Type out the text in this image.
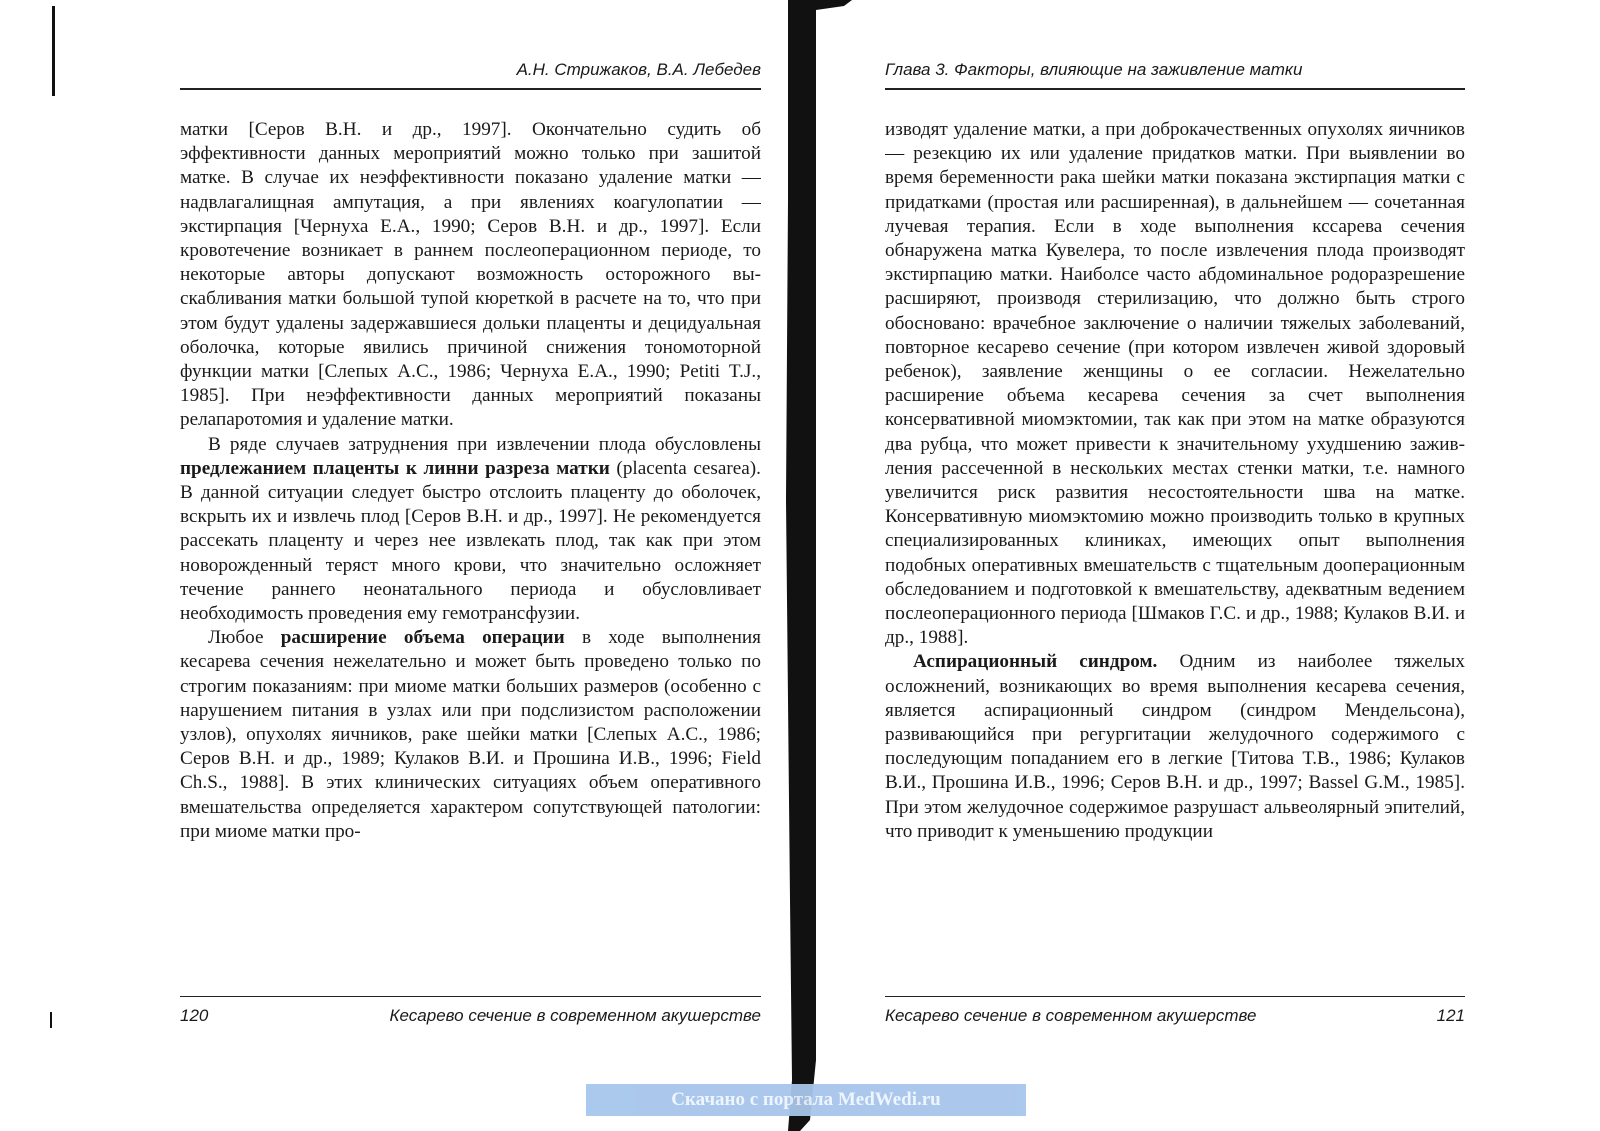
А.Н. Стрижаков, В.А. Лебедев

матки [Серов В.Н. и др., 1997]. Окончательно судить об эффективности данных мероприятий можно только при зашитой матке. В случае их неэффективности показано удаление матки — надвлагалищная ампутация, а при явлениях коагулопатии — экстирпация [Чернуха Е.А., 1990; Серов В.Н. и др., 1997]. Если кровотечение возникает в раннем послеоперационном периоде, то некоторые авторы допускают возможность осторожного выскабливания матки большой тупой кюреткой в расчете на то, что при этом будут удалены задержавшиеся дольки плаценты и децидуальная оболочка, которые явились причиной снижения тономоторной функции матки [Слепых А.С., 1986; Чернуха Е.А., 1990; Petiti T.J., 1985]. При неэффективности данных мероприятий показаны релапаротомия и удаление матки.

В ряде случаев затруднения при извлечении плода обусловлены предлежанием плаценты к линни разреза матки (placenta cesarea). В данной ситуации следует быстро отслоить плаценту до оболочек, вскрыть их и извлечь плод [Серов В.Н. и др., 1997]. Не рекомендуется рассекать плаценту и через нее извлекать плод, так как при этом новорожденный теряст много крови, что значительно осложняет течение раннего неонатального периода и обусловливает необходимость проведения ему гемотрансфузии.

Любое расширение объема операции в ходе выполнения кесарева сечения нежелательно и может быть проведено только по строгим показаниям: при миоме матки больших размеров (особенно с нарушением питания в узлах или при подслизистом расположении узлов), опухолях яичников, раке шейки матки [Слепых А.С., 1986; Серов В.Н. и др., 1989; Кулаков В.И. и Прошина И.В., 1996; Field Ch.S., 1988]. В этих клинических ситуациях объем оперативного вмешательства определяется характером сопутствующей патологии: при миоме матки про-

120	Кесарево сечение в современном акушерстве
Глава 3. Факторы, влияющие на заживление матки

изводят удаление матки, а при доброкачественных опухолях яичников — резекцию их или удаление придатков матки. При выявлении во время беременности рака шейки матки показана экстирпация матки с придатками (простая или расширенная), в дальнейшем — сочетанная лучевая терапия. Если в ходе выполнения кссарева сечения обнаружена матка Кувелера, то после извлечения плода производят экстирпацию матки. Наиболсе часто абдоминальное родоразрешение расширяют, производя стерилизацию, что должно быть строго обосновано: врачебное заключение о наличии тяжелых заболеваний, повторное кесарево сечение (при котором извлечен живой здоровый ребенок), заявление женщины о ее согласии. Нежелательно расширение объема кесарева сечения за счет выполнения консервативной миомэктомии, так как при этом на матке образуются два рубца, что может привести к значительному ухудшению заживления рассеченной в нескольких местах стенки матки, т.е. намного увеличится риск развития несостоятельности шва на матке. Консервативную миомэктомию можно производить только в крупных специализированных клиниках, имеющих опыт выполнения подобных оперативных вмешательств с тщательным дооперационным обследованием и подготовкой к вмешательству, адекватным ведением послеоперационного периода [Шмаков Г.С. и др., 1988; Кулаков В.И. и др., 1988].

Аспирационный синдром. Одним из наиболее тяжелых осложнений, возникающих во время выполнения кесарева сечения, является аспирационный синдром (синдром Мендельсона), развивающийся при регургитации желудочного содержимого с последующим попаданием его в легкие [Титова Т.В., 1986; Кулаков В.И., Прошина И.В., 1996; Серов В.Н. и др., 1997; Bassel G.M., 1985]. При этом желудочное содержимое разрушаст альвеолярный эпителий, что приводит к уменьшению продукции

Кесарево сечение в современном акушерстве	121
Скачано с портала MedWedi.ru
